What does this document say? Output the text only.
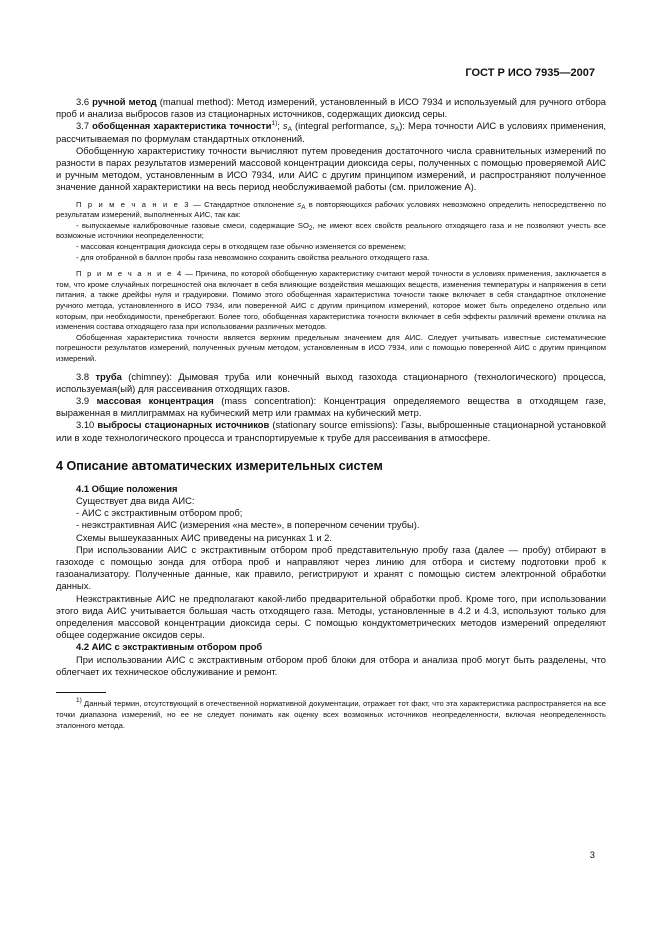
ГОСТ Р ИСО 7935—2007

3.6 ручной метод (manual method): Метод измерений, установленный в ИСО 7934 и используемый для ручного отбора проб и анализа выбросов газов из стационарных источников, содержащих диоксид серы.

3.7 обобщенная характеристика точности$^{1)}$; $s_A$ (integral performance, $s_A$): Мера точности АИС в условиях применения, рассчитываемая по формулам стандартных отклонений.

Обобщенную характеристику точности вычисляют путем проведения достаточного числа сравнительных измерений по разности в парах результатов измерений массовой концентрации диоксида серы, полученных с помощью проверяемой АИС и ручным методом, установленным в ИСО 7934, или АИС с другим принципом измерений, и распространяют полученное значение данной характеристики на весь период необслуживаемой работы (см. приложение А).

П р и м е ч а н и е 3 — Стандартное отклонение $s_A$ в повторяющихся рабочих условиях невозможно определить непосредственно по результатам измерений, выполненных АИС, так как:

- выпускаемые калибровочные газовые смеси, содержащие $SO_2$, не имеют всех свойств реального отходящего газа и не позволяют учесть все возможные источники неопределенности;

- массовая концентрация диоксида серы в отходящем газе обычно изменяется со временем;

- для отобранной в баллон пробы газа невозможно сохранить свойства реального отходящего газа.

П р и м е ч а н и е 4 — Причина, по которой обобщенную характеристику считают мерой точности в условиях применения, заключается в том, что кроме случайных погрешностей она включает в себя влияющие воздействия мешающих веществ, изменения температуры и напряжения в сети питания, а также дрейфы нуля и градуировки. Помимо этого обобщенная характеристика точности также включает в себя стандартное отклонение ручного метода, установленного в ИСО 7934, или поверенной АИС с другим принципом измерений, которое может быть определено отдельно или которым, при необходимости, пренебрегают. Более того, обобщенная характеристика точности включает в себя эффекты различий времени отклика на изменения состава отходящего газа при использовании различных методов.

Обобщенная характеристика точности является верхним предельным значением для АИС. Следует учитывать известные систематические погрешности результатов измерений, полученных ручным методом, установленным в ИСО 7934, или с помощью поверенной АИС с другим принципом измерений.

3.8 труба (chimney): Дымовая труба или конечный выход газохода стационарного (технологического) процесса, используемая(ый) для рассеивания отходящих газов.

3.9 массовая концентрация (mass concentration): Концентрация определяемого вещества в отходящем газе, выраженная в миллиграммах на кубический метр или граммах на кубический метр.

3.10 выбросы стационарных источников (stationary source emissions): Газы, выброшенные стационарной установкой или в ходе технологического процесса и транспортируемые к трубе для рассеивания в атмосфере.

4 Описание автоматических измерительных систем

4.1 Общие положения

Существует два вида АИС:

- АИС с экстрактивным отбором проб;

- неэкстрактивная АИС (измерения «на месте», в поперечном сечении трубы).

Схемы вышеуказанных АИС приведены на рисунках 1 и 2.

При использовании АИС с экстрактивным отбором проб представительную пробу газа (далее — пробу) отбирают в газоходе с помощью зонда для отбора проб и направляют через линию для отбора и систему подготовки проб к газоанализатору. Полученные данные, как правило, регистрируют и хранят с помощью систем электронной обработки данных.

Неэкстрактивные АИС не предполагают какой-либо предварительной обработки проб. Кроме того, при использовании этого вида АИС учитывается большая часть отходящего газа. Методы, установленные в 4.2 и 4.3, используют только для определения массовой концентрации диоксида серы. С помощью кондуктометрических методов измерений определяют общее содержание оксидов серы.

4.2 АИС с экстрактивным отбором проб

При использовании АИС с экстрактивным отбором проб блоки для отбора и анализа проб могут быть разделены, что облегчает их техническое обслуживание и ремонт.

$^{1)}$ Данный термин, отсутствующий в отечественной нормативной документации, отражает тот факт, что эта характеристика распространяется на все точки диапазона измерений, но ее не следует понимать как оценку всех возможных источников неопределенности, включая неопределенность эталонного метода.

3
